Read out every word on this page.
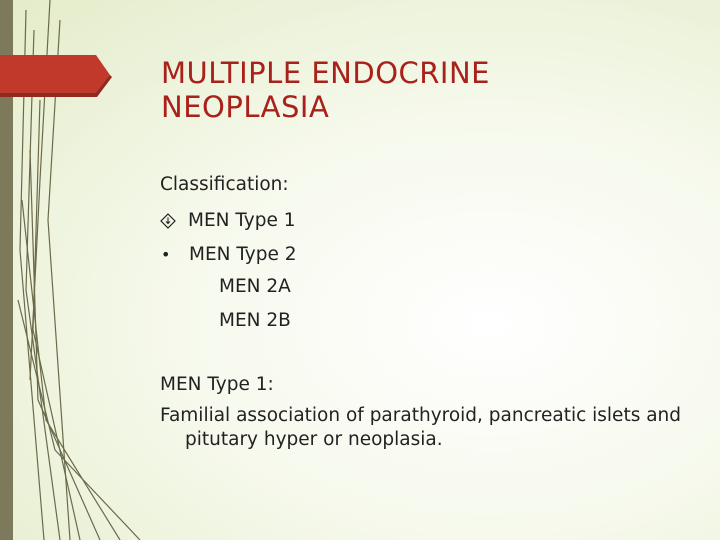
MULTIPLE ENDOCRINE
NEOPLASIA
Classification:
MEN Type 1
•	MEN Type 2
MEN 2A
MEN 2B
MEN Type 1:
Familial association of parathyroid, pancreatic islets and pitutary hyper or neoplasia.
